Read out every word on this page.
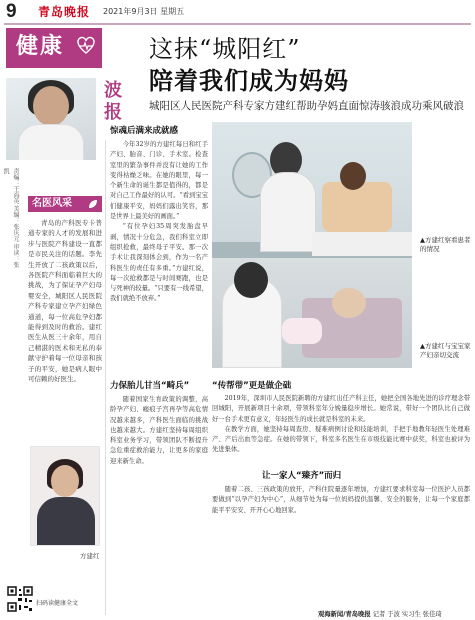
9 青岛晚报 2021年9月3日 星期五
健康
波
报
责编：王海英 美编：张庆元 审读：张凯
名医风采

青岛的产科医专卡普通专家的人才的发展和进步与医院产科建设一直都是市民关注的话题。李先生开放了二孩政策以后，各医院产科面临着巨大的挑战，为了保证孕产妇母婴安全，城阳区人民医院产科专家建立孕产妇绿色通道，每一位高危孕妇都能得到及时的救治。建红医生从医三十余年，用自己精湛的医术和无私的奉献守护着每一位母亲和孩子的平安，她是病人眼中可信赖的好医生。

方建红
扫码读健康全文
这抹“城阳红”
陪着我们成为妈妈
城阳区人民医院产科专家方建红帮助孕妈直面惊涛骇浪成功乘风破浪
惊魂后满来成就感

今年32岁的方建红每日和红手产妇、胎音、门诊、手术室。检查室里的繁杂事件并没有让她的工作变得枯燥乏味。在她的眼里，每一个新生命的诞生都是值得的，都是对自己工作最好的认可。“看到宝宝们健康平安，妈妈们露出笑容，那是世界上最美好的画面。”

“有位孕妇35周突发胎盘早剥，情况十分危急，我们科室立即组织抢救，最终母子平安。那一次手术让我深刻体会到，作为一名产科医生的责任有多重。”方建红说，每一次抢救都是与时间赛跑，也是与死神的较量。“只要有一线希望，我们就绝不放弃。”

力保胎儿甘当“畸兵”

随着国家生育政策的调整，高龄孕产妇、瘢痕子宫再孕等高危情况越来越多，产科医生面临的挑战也越来越大。方建红坚持每周组织科室业务学习，带领团队不断提升急危重症救治能力，让更多的家庭迎来新生命。

▲方建红察看患者的情况
▲方建红与宝宝家产妇亲切交流
“传帮带”更是做企础

2019年，深圳市人民医院新聘的方建红出任产科主任，她把全国各地先进的诊疗理念带回城阳，开展新项目十余项，带领科室年分娩量稳步增长。她常说，带好一个团队比自己做好一台手术更有意义，年轻医生的成长就是科室的未来。

在教学方面，她坚持每周查房、疑难病例讨论和技能培训，手把手地教年轻医生处理难产、产后出血等急症。在她的带领下，科室多名医生在市级技能比赛中获奖，科室也被评为先进集体。

让一家人“臻齐”而归

随着二孩、三孩政策的放开，产科住院量逐年增加，方建红要求科室每一位医护人员都要做到“以孕产妇为中心”，从细节处为每一位妈妈提供温馨、安全的服务，让每一个家庭都能平平安安、开开心心地回家。

观海新闻/青岛晚报 记者 于波 实习生 张佳琦
